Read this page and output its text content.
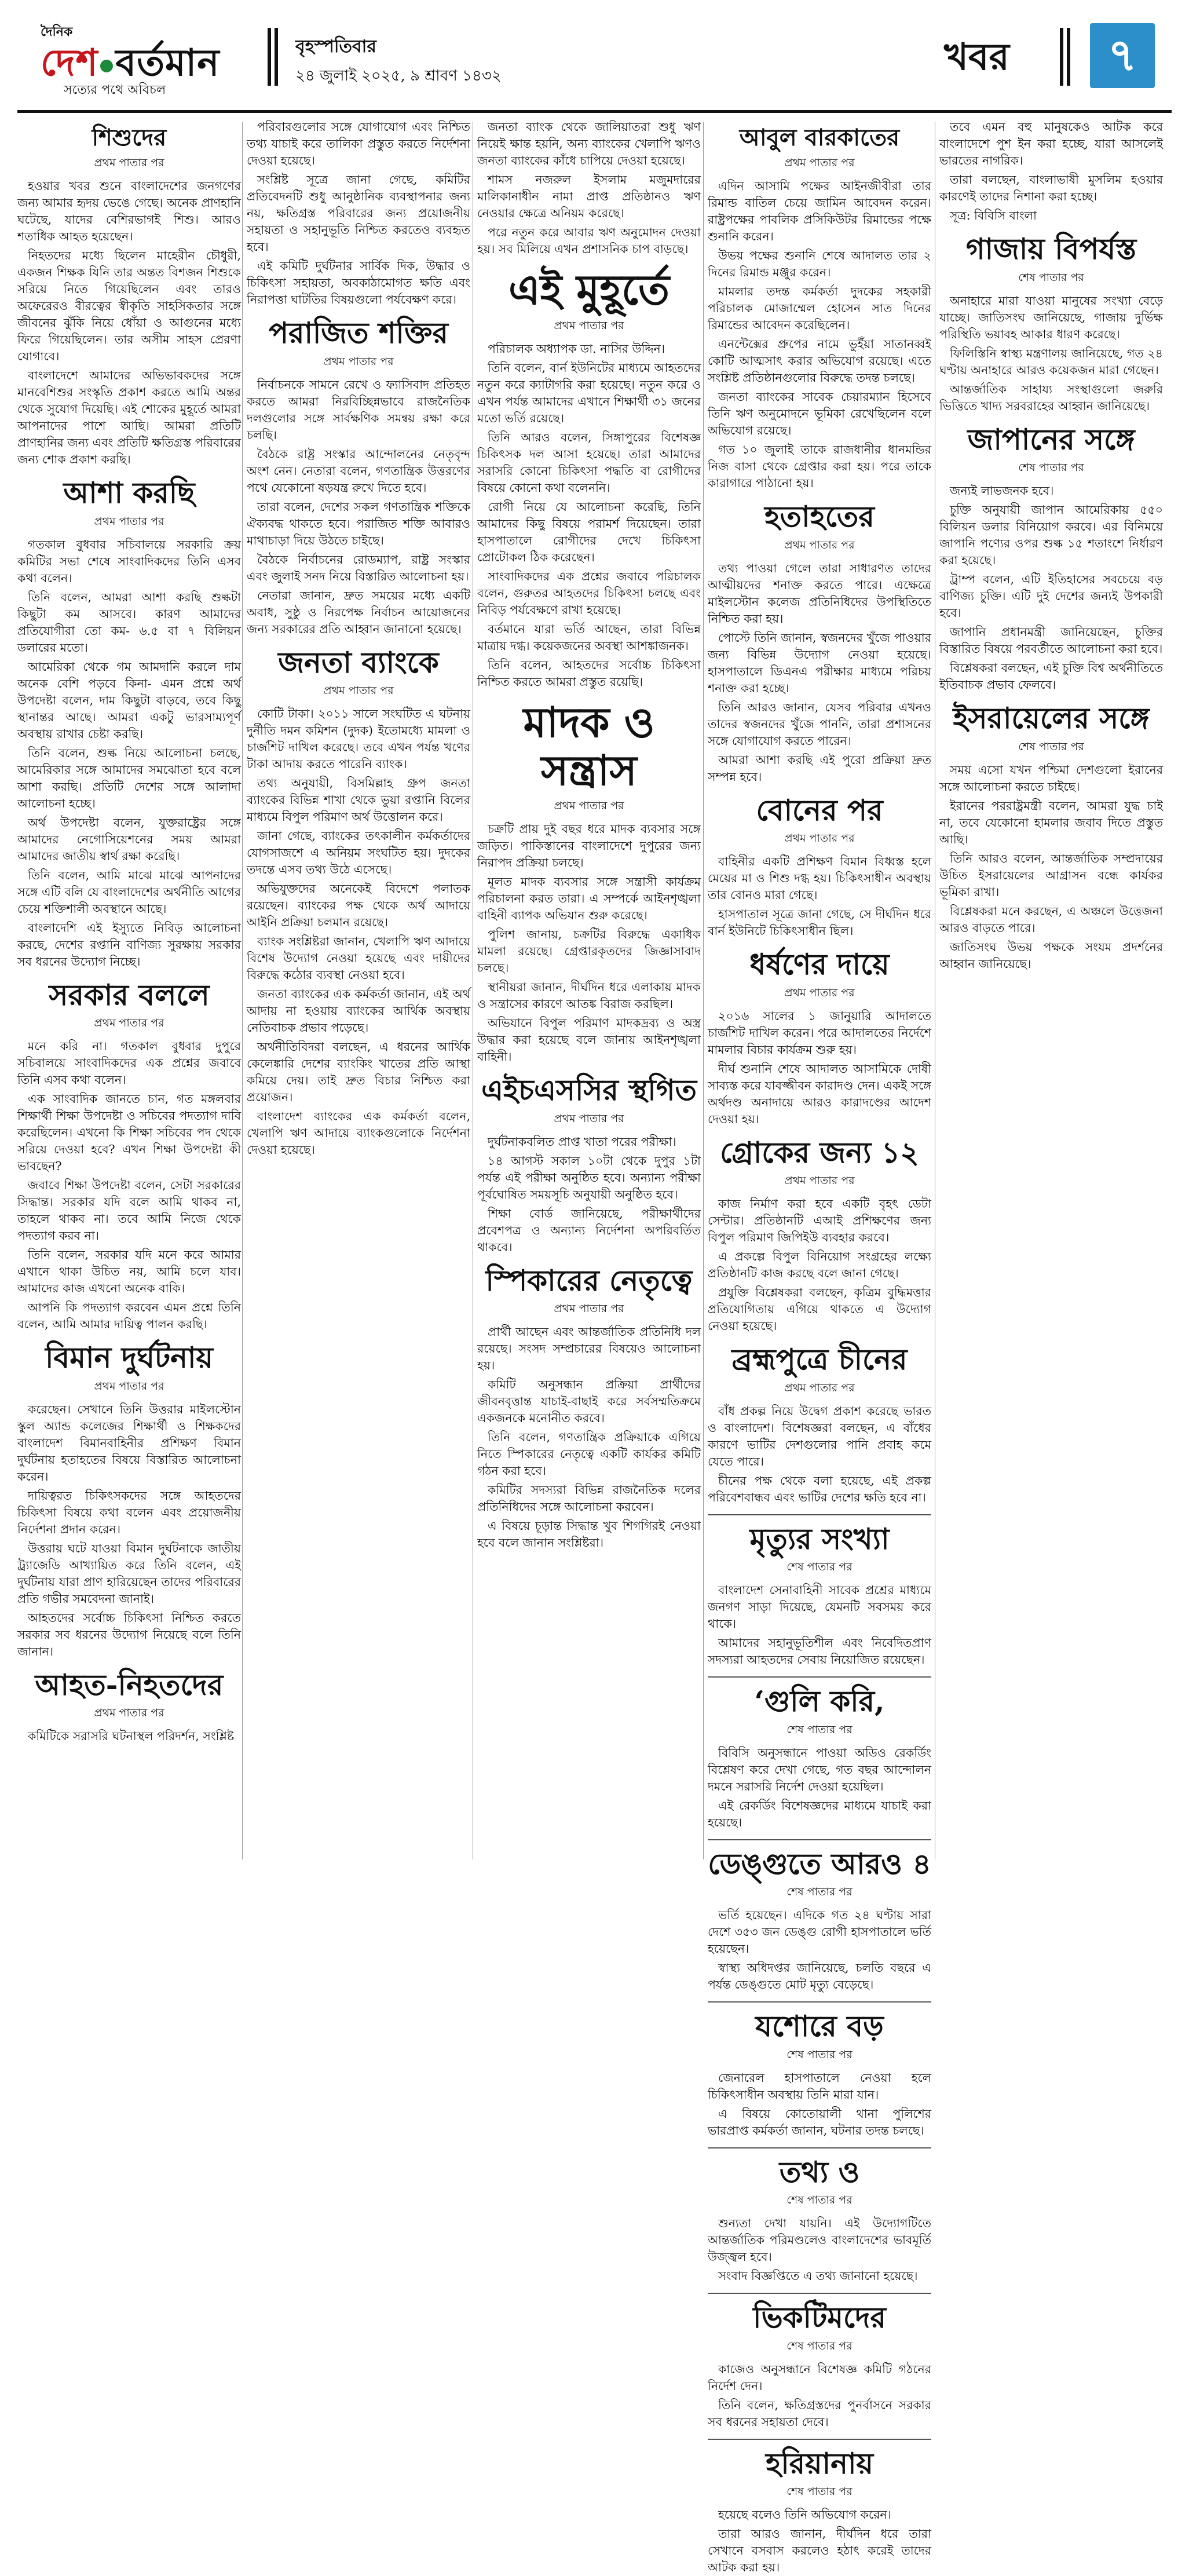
দৈনিক
দেশ বর্তমান
সত্যের পথে অবিচল
বৃহস্পতিবার
২৪ জুলাই ২০২৫, ৯ শ্রাবণ ১৪৩২	খবর	৭
শিশুদের
প্রথম পাতার পর

হওয়ার খবর শুনে বাংলাদেশের জনগণের জন্য আমার হৃদয় ভেঙে গেছে। অনেক প্রাণহানি ঘটেছে, যাদের বেশিরভাগই শিশু। আরও শতাধিক আহত হয়েছেন।

নিহতদের মধ্যে ছিলেন মাহেরীন চৌধুরী, একজন শিক্ষক যিনি তার অন্তত বিশজন শিশুকে সরিয়ে নিতে গিয়েছিলেন এবং তারও অফেরেরও বীরত্বের স্বীকৃতি সাহসিকতার সঙ্গে জীবনের ঝুঁকি নিয়ে ধোঁয়া ও আগুনের মধ্যে ফিরে গিয়েছিলেন। তার অসীম সাহস প্রেরণা যোগাবে।

বাংলাদেশে আমাদের অভিভাবকদের সঙ্গে মানবেশিশুর সংস্কৃতি প্রকাশ করতে আমি অন্তর থেকে সুযোগ দিয়েছি। এই শোকের মুহূর্তে আমরা আপনাদের পাশে আছি। আমরা প্রতিটি প্রাণহানির জন্য এবং প্রতিটি ক্ষতিগ্রস্ত পরিবারের জন্য শোক প্রকাশ করছি।

আশা করছি
প্রথম পাতার পর

গতকাল বুধবার সচিবালয়ে সরকারি ক্রয় কমিটির সভা শেষে সাংবাদিকদের তিনি এসব কথা বলেন।

তিনি বলেন, আমরা আশা করছি শুল্কটা কিছুটা কম আসবে। কারণ আমাদের প্রতিযোগীরা তো কম- ৬.৫ বা ৭ বিলিয়ন ডলারের মতো।

আমেরিকা থেকে গম আমদানি করলে দাম অনেক বেশি পড়বে কিনা- এমন প্রশ্নে অর্থ উপদেষ্টা বলেন, দাম কিছুটা বাড়বে, তবে কিছু স্থানান্তর আছে। আমরা একটু ভারসাম্যপূর্ণ অবস্থায় রাখার চেষ্টা করছি।

তিনি বলেন, শুল্ক নিয়ে আলোচনা চলছে, আমেরিকার সঙ্গে আমাদের সমঝোতা হবে বলে আশা করছি। প্রতিটি দেশের সঙ্গে আলাদা আলোচনা হচ্ছে।

অর্থ উপদেষ্টা বলেন, যুক্তরাষ্ট্রের সঙ্গে আমাদের নেগোসিয়েশনের সময় আমরা আমাদের জাতীয় স্বার্থ রক্ষা করেছি।

তিনি বলেন, আমি মাঝে মাঝে আপনাদের সঙ্গে এটি বলি যে বাংলাদেশের অর্থনীতি আগের চেয়ে শক্তিশালী অবস্থানে আছে।

বাংলাদেশি এই ইস্যুতে নিবিড় আলোচনা করছে, দেশের রপ্তানি বাণিজ্য সুরক্ষায় সরকার সব ধরনের উদ্যোগ নিচ্ছে।

সরকার বললে
প্রথম পাতার পর

মনে করি না। গতকাল বুধবার দুপুরে সচিবালয়ে সাংবাদিকদের এক প্রশ্নের জবাবে তিনি এসব কথা বলেন।

এক সাংবাদিক জানতে চান, গত মঙ্গলবার শিক্ষার্থী শিক্ষা উপদেষ্টা ও সচিবের পদত্যাগ দাবি করেছিলেন। এখনো কি শিক্ষা সচিবের পদ থেকে সরিয়ে দেওয়া হবে? এখন শিক্ষা উপদেষ্টা কী ভাবছেন?

জবাবে শিক্ষা উপদেষ্টা বলেন, সেটা সরকারের সিদ্ধান্ত। সরকার যদি বলে আমি থাকব না, তাহলে থাকব না। তবে আমি নিজে থেকে পদত্যাগ করব না।

তিনি বলেন, সরকার যদি মনে করে আমার এখানে থাকা উচিত নয়, আমি চলে যাব। আমাদের কাজ এখনো অনেক বাকি।

আপনি কি পদত্যাগ করবেন এমন প্রশ্নে তিনি বলেন, আমি আমার দায়িত্ব পালন করছি।

বিমান দুর্ঘটনায়
প্রথম পাতার পর

করেছেন। সেখানে তিনি উত্তরার মাইলস্টোন স্কুল অ্যান্ড কলেজের শিক্ষার্থী ও শিক্ষকদের বাংলাদেশ বিমানবাহিনীর প্রশিক্ষণ বিমান দুর্ঘটনায় হতাহতের বিষয়ে বিস্তারিত আলোচনা করেন।

দায়িত্বরত চিকিৎসকদের সঙ্গে আহতদের চিকিৎসা বিষয়ে কথা বলেন এবং প্রয়োজনীয় নির্দেশনা প্রদান করেন।

উত্তরায় ঘটে যাওয়া বিমান দুর্ঘটনাকে জাতীয় ট্র্যাজেডি আখ্যায়িত করে তিনি বলেন, এই দুর্ঘটনায় যারা প্রাণ হারিয়েছেন তাদের পরিবারের প্রতি গভীর সমবেদনা জানাই।

আহতদের সর্বোচ্চ চিকিৎসা নিশ্চিত করতে সরকার সব ধরনের উদ্যোগ নিয়েছে বলে তিনি জানান।

আহত-নিহতদের
প্রথম পাতার পর

কমিটিকে সরাসরি ঘটনাস্থল পরিদর্শন, সংশ্লিষ্ট

পরিবারগুলোর সঙ্গে যোগাযোগ এবং নিশ্চিত তথ্য যাচাই করে তালিকা প্রস্তুত করতে নির্দেশনা দেওয়া হয়েছে।

সংশ্লিষ্ট সূত্রে জানা গেছে, কমিটির প্রতিবেদনটি শুধু আনুষ্ঠানিক ব্যবস্থাপনার জন্য নয়, ক্ষতিগ্রস্ত পরিবারের জন্য প্রয়োজনীয় সহায়তা ও সহানুভূতি নিশ্চিত করতেও ব্যবহৃত হবে।

এই কমিটি দুর্ঘটনার সার্বিক দিক, উদ্ধার ও চিকিৎসা সহায়তা, অবকাঠামোগত ক্ষতি এবং নিরাপত্তা ঘাটতির বিষয়গুলো পর্যবেক্ষণ করে।

পরাজিত শক্তির
প্রথম পাতার পর

নির্বাচনকে সামনে রেখে ও ফ্যাসিবাদ প্রতিহত করতে আমরা নিরবিচ্ছিন্নভাবে রাজনৈতিক দলগুলোর সঙ্গে সার্বক্ষণিক সমন্বয় রক্ষা করে চলছি।

বৈঠকে রাষ্ট্র সংস্কার আন্দোলনের নেতৃবৃন্দ অংশ নেন। নেতারা বলেন, গণতান্ত্রিক উত্তরণের পথে যেকোনো ষড়যন্ত্র রুখে দিতে হবে।

তারা বলেন, দেশের সকল গণতান্ত্রিক শক্তিকে ঐক্যবদ্ধ থাকতে হবে। পরাজিত শক্তি আবারও মাথাচাড়া দিয়ে উঠতে চাইছে।

বৈঠকে নির্বাচনের রোডম্যাপ, রাষ্ট্র সংস্কার এবং জুলাই সনদ নিয়ে বিস্তারিত আলোচনা হয়।

নেতারা জানান, দ্রুত সময়ের মধ্যে একটি অবাধ, সুষ্ঠু ও নিরপেক্ষ নির্বাচন আয়োজনের জন্য সরকারের প্রতি আহ্বান জানানো হয়েছে।

জনতা ব্যাংকে
প্রথম পাতার পর

কোটি টাকা। ২০১১ সালে সংঘটিত এ ঘটনায় দুর্নীতি দমন কমিশন (দুদক) ইতোমধ্যে মামলা ও চার্জশিট দাখিল করেছে। তবে এখন পর্যন্ত খণের টাকা আদায় করতে পারেনি ব্যাংক।

তথ্য অনুযায়ী, বিসমিল্লাহ গ্রুপ জনতা ব্যাংকের বিভিন্ন শাখা থেকে ভুয়া রপ্তানি বিলের মাধ্যমে বিপুল পরিমাণ অর্থ উত্তোলন করে।

জানা গেছে, ব্যাংকের তৎকালীন কর্মকর্তাদের যোগসাজশে এ অনিয়ম সংঘটিত হয়। দুদকের তদন্তে এসব তথ্য উঠে এসেছে।

অভিযুক্তদের অনেকেই বিদেশে পলাতক রয়েছেন। ব্যাংকের পক্ষ থেকে অর্থ আদায়ে আইনি প্রক্রিয়া চলমান রয়েছে।

ব্যাংক সংশ্লিষ্টরা জানান, খেলাপি ঋণ আদায়ে বিশেষ উদ্যোগ নেওয়া হয়েছে এবং দায়ীদের বিরুদ্ধে কঠোর ব্যবস্থা নেওয়া হবে।

জনতা ব্যাংকের এক কর্মকর্তা জানান, এই অর্থ আদায় না হওয়ায় ব্যাংকের আর্থিক অবস্থায় নেতিবাচক প্রভাব পড়েছে।

অর্থনীতিবিদরা বলছেন, এ ধরনের আর্থিক কেলেঙ্কারি দেশের ব্যাংকিং খাতের প্রতি আস্থা কমিয়ে দেয়। তাই দ্রুত বিচার নিশ্চিত করা প্রয়োজন।

বাংলাদেশ ব্যাংকের এক কর্মকর্তা বলেন, খেলাপি ঋণ আদায়ে ব্যাংকগুলোকে নির্দেশনা দেওয়া হয়েছে।

জনতা ব্যাংক থেকে জালিয়াতরা শুধু ঋণ নিয়েই ক্ষান্ত হয়নি, অন্য ব্যাংকের খেলাপি ঋণও জনতা ব্যাংকের কাঁধে চাপিয়ে দেওয়া হয়েছে।

শামস নজরুল ইসলাম মজুমদারের মালিকানাধীন নামা প্রাপ্ত প্রতিষ্ঠানও ঋণ নেওয়ার ক্ষেত্রে অনিয়ম করেছে।

পরে নতুন করে আবার ঋণ অনুমোদন দেওয়া হয়। সব মিলিয়ে এখন প্রশাসনিক চাপ বাড়ছে।

এই মুহূর্তে
প্রথম পাতার পর

পরিচালক অধ্যাপক ডা. নাসির উদ্দিন।

তিনি বলেন, বার্ন ইউনিটের মাধ্যমে আহতদের নতুন করে ক্যাটাগরি করা হয়েছে। নতুন করে ও এখন পর্যন্ত আমাদের এখানে শিক্ষার্থী ৩১ জনের মতো ভর্তি রয়েছে।

তিনি আরও বলেন, সিঙ্গাপুরের বিশেষজ্ঞ চিকিৎসক দল আসা হয়েছে। তারা আমাদের সরাসরি কোনো চিকিৎসা পদ্ধতি বা রোগীদের বিষয়ে কোনো কথা বলেননি।

রোগী নিয়ে যে আলোচনা করেছি, তিনি আমাদের কিছু বিষয়ে পরামর্শ দিয়েছেন। তারা হাসপাতালে রোগীদের দেখে চিকিৎসা প্রোটোকল ঠিক করেছেন।

সাংবাদিকদের এক প্রশ্নের জবাবে পরিচালক বলেন, গুরুতর আহতদের চিকিৎসা চলছে এবং নিবিড় পর্যবেক্ষণে রাখা হয়েছে।

বর্তমানে যারা ভর্তি আছেন, তারা বিভিন্ন মাত্রায় দগ্ধ। কয়েকজনের অবস্থা আশঙ্কাজনক।

তিনি বলেন, আহতদের সর্বোচ্চ চিকিৎসা নিশ্চিত করতে আমরা প্রস্তুত রয়েছি।

মাদক ও সন্ত্রাস
প্রথম পাতার পর

চক্রটি প্রায় দুই বছর ধরে মাদক ব্যবসার সঙ্গে জড়িত। পাকিস্তানের বাংলাদেশে দুপুরের জন্য নিরাপদ প্রক্রিয়া চলছে।

মূলত মাদক ব্যবসার সঙ্গে সন্ত্রাসী কার্যক্রম পরিচালনা করত তারা। এ সম্পর্কে আইনশৃঙ্খলা বাহিনী ব্যাপক অভিযান শুরু করেছে।

পুলিশ জানায়, চক্রটির বিরুদ্ধে একাধিক মামলা রয়েছে। গ্রেপ্তারকৃতদের জিজ্ঞাসাবাদ চলছে।

স্থানীয়রা জানান, দীর্ঘদিন ধরে এলাকায় মাদক ও সন্ত্রাসের কারণে আতঙ্ক বিরাজ করছিল।

অভিযানে বিপুল পরিমাণ মাদকদ্রব্য ও অস্ত্র উদ্ধার করা হয়েছে বলে জানায় আইনশৃঙ্খলা বাহিনী।

এইচএসসির স্থগিত
প্রথম পাতার পর

দুর্ঘটনাকবলিত প্রাপ্ত খাতা পরের পরীক্ষা।

১৪ আগস্ট সকাল ১০টা থেকে দুপুর ১টা পর্যন্ত এই পরীক্ষা অনুষ্ঠিত হবে। অন্যান্য পরীক্ষা পূর্বঘোষিত সময়সূচি অনুযায়ী অনুষ্ঠিত হবে।

শিক্ষা বোর্ড জানিয়েছে, পরীক্ষার্থীদের প্রবেশপত্র ও অন্যান্য নির্দেশনা অপরিবর্তিত থাকবে।

স্পিকারের নেতৃত্বে
প্রথম পাতার পর

প্রার্থী আছেন এবং আন্তর্জাতিক প্রতিনিধি দল রয়েছে। সংসদ সম্প্রচারের বিষয়েও আলোচনা হয়।

কমিটি অনুসন্ধান প্রক্রিয়া প্রার্থীদের জীবনবৃত্তান্ত যাচাই-বাছাই করে সর্বসম্মতিক্রমে একজনকে মনোনীত করবে।

তিনি বলেন, গণতান্ত্রিক প্রক্রিয়াকে এগিয়ে নিতে স্পিকারের নেতৃত্বে একটি কার্যকর কমিটি গঠন করা হবে।

কমিটির সদস্যরা বিভিন্ন রাজনৈতিক দলের প্রতিনিধিদের সঙ্গে আলোচনা করবেন।

এ বিষয়ে চূড়ান্ত সিদ্ধান্ত খুব শিগগিরই নেওয়া হবে বলে জানান সংশ্লিষ্টরা।

আবুল বারকাতের
প্রথম পাতার পর

এদিন আসামি পক্ষের আইনজীবীরা তার রিমান্ড বাতিল চেয়ে জামিন আবেদন করেন। রাষ্ট্রপক্ষের পাবলিক প্রসিকিউটর রিমান্ডের পক্ষে শুনানি করেন।

উভয় পক্ষের শুনানি শেষে আদালত তার ২ দিনের রিমান্ড মঞ্জুর করেন।

মামলার তদন্ত কর্মকর্তা দুদকের সহকারী পরিচালক মোজাম্মেল হোসেন সাত দিনের রিমান্ডের আবেদন করেছিলেন।

এনন্টেক্সের প্রুপের নামে ভুইঁয়া সাতানব্বই কোটি আত্মসাৎ করার অভিযোগ রয়েছে। এতে সংশ্লিষ্ট প্রতিষ্ঠানগুলোর বিরুদ্ধে তদন্ত চলছে।

জনতা ব্যাংকের সাবেক চেয়ারম্যান হিসেবে তিনি ঋণ অনুমোদনে ভূমিকা রেখেছিলেন বলে অভিযোগ রয়েছে।

গত ১০ জুলাই তাকে রাজধানীর ধানমন্ডির নিজ বাসা থেকে গ্রেপ্তার করা হয়। পরে তাকে কারাগারে পাঠানো হয়।

হতাহতের
প্রথম পাতার পর

তথ্য পাওয়া গেলে তারা সাধারণত তাদের আত্মীয়দের শনাক্ত করতে পারে। এক্ষেত্রে মাইলস্টোন কলেজ প্রতিনিধিদের উপস্থিতিতে নিশ্চিত করা হয়।

পোস্টে তিনি জানান, স্বজনদের খুঁজে পাওয়ার জন্য বিভিন্ন উদ্যোগ নেওয়া হয়েছে। হাসপাতালে ডিএনএ পরীক্ষার মাধ্যমে পরিচয় শনাক্ত করা হচ্ছে।

তিনি আরও জানান, যেসব পরিবার এখনও তাদের স্বজনদের খুঁজে পাননি, তারা প্রশাসনের সঙ্গে যোগাযোগ করতে পারেন।

আমরা আশা করছি এই পুরো প্রক্রিয়া দ্রুত সম্পন্ন হবে।

বোনের পর
প্রথম পাতার পর

বাহিনীর একটি প্রশিক্ষণ বিমান বিধ্বস্ত হলে মেয়ের মা ও শিশু দগ্ধ হয়। চিকিৎসাধীন অবস্থায় তার বোনও মারা গেছে।

হাসপাতাল সূত্রে জানা গেছে, সে দীর্ঘদিন ধরে বার্ন ইউনিটে চিকিৎসাধীন ছিল।

ধর্ষণের দায়ে
প্রথম পাতার পর

২০১৬ সালের ১ জানুয়ারি আদালতে চার্জশিট দাখিল করেন। পরে আদালতের নির্দেশে মামলার বিচার কার্যক্রম শুরু হয়।

দীর্ঘ শুনানি শেষে আদালত আসামিকে দোষী সাব্যস্ত করে যাবজ্জীবন কারাদণ্ড দেন। একই সঙ্গে অর্থদণ্ড অনাদায়ে আরও কারাদণ্ডের আদেশ দেওয়া হয়।

গ্রোকের জন্য ১২
প্রথম পাতার পর

কাজ নির্মাণ করা হবে একটি বৃহৎ ডেটা সেন্টার। প্রতিষ্ঠানটি এআই প্রশিক্ষণের জন্য বিপুল পরিমাণ জিপিইউ ব্যবহার করবে।

এ প্রকল্পে বিপুল বিনিয়োগ সংগ্রহের লক্ষ্যে প্রতিষ্ঠানটি কাজ করছে বলে জানা গেছে।

প্রযুক্তি বিশ্লেষকরা বলছেন, কৃত্রিম বুদ্ধিমত্তার প্রতিযোগিতায় এগিয়ে থাকতে এ উদ্যোগ নেওয়া হয়েছে।

ব্রহ্মপুত্রে চীনের
প্রথম পাতার পর

বাঁধ প্রকল্প নিয়ে উদ্বেগ প্রকাশ করেছে ভারত ও বাংলাদেশ। বিশেষজ্ঞরা বলছেন, এ বাঁধের কারণে ভাটির দেশগুলোর পানি প্রবাহ কমে যেতে পারে।

চীনের পক্ষ থেকে বলা হয়েছে, এই প্রকল্প পরিবেশবান্ধব এবং ভাটির দেশের ক্ষতি হবে না।

মৃত্যুর সংখ্যা
শেষ পাতার পর

বাংলাদেশ সেনাবাহিনী সাবেক প্রশ্রের মাধ্যমে জনগণ সাড়া দিয়েছে, যেমনটি সবসময় করে থাকে।

আমাদের সহানুভূতিশীল এবং নিবেদিতপ্রাণ সদস্যরা আহতদের সেবায় নিয়োজিত রয়েছেন।

‘গুলি করি,
শেষ পাতার পর

বিবিসি অনুসন্ধানে পাওয়া অডিও রেকর্ডিং বিশ্লেষণ করে দেখা গেছে, গত বছর আন্দোলন দমনে সরাসরি নির্দেশ দেওয়া হয়েছিল।

এই রেকর্ডিং বিশেষজ্ঞদের মাধ্যমে যাচাই করা হয়েছে।

ডেঙ্গুতে আরও ৪
শেষ পাতার পর

ভর্তি হয়েছেন। এদিকে গত ২৪ ঘণ্টায় সারা দেশে ৩৫৩ জন ডেঙ্গু রোগী হাসপাতালে ভর্তি হয়েছেন।

স্বাস্থ্য অধিদপ্তর জানিয়েছে, চলতি বছরে এ পর্যন্ত ডেঙ্গুতে মোট মৃত্যু বেড়েছে।

যশোরে বড়
শেষ পাতার পর

জেনারেল হাসপাতালে নেওয়া হলে চিকিৎসাধীন অবস্থায় তিনি মারা যান।

এ বিষয়ে কোতোয়ালী থানা পুলিশের ভারপ্রাপ্ত কর্মকর্তা জানান, ঘটনার তদন্ত চলছে।

তথ্য ও
শেষ পাতার পর

শুন্যতা দেখা যায়নি। এই উদ্যোগটিতে আন্তর্জাতিক পরিমণ্ডলেও বাংলাদেশের ভাবমূর্তি উজ্জ্বল হবে।

সংবাদ বিজ্ঞপ্তিতে এ তথ্য জানানো হয়েছে।

ভিকটিমদের
শেষ পাতার পর

কাজেও অনুসন্ধানে বিশেষজ্ঞ কমিটি গঠনের নির্দেশ দেন।

তিনি বলেন, ক্ষতিগ্রস্তদের পুনর্বাসনে সরকার সব ধরনের সহায়তা দেবে।

হরিয়ানায়
শেষ পাতার পর

হয়েছে বলেও তিনি অভিযোগ করেন।

তারা আরও জানান, দীর্ঘদিন ধরে তারা সেখানে বসবাস করলেও হঠাৎ করেই তাদের আটক করা হয়।

তবে এমন বহু মানুষকেও আটক করে বাংলাদেশে পুশ ইন করা হচ্ছে, যারা আসলেই ভারতের নাগরিক।

তারা বলছেন, বাংলাভাষী মুসলিম হওয়ার কারণেই তাদের নিশানা করা হচ্ছে।

সূত্র: বিবিসি বাংলা

গাজায় বিপর্যস্ত
শেষ পাতার পর

অনাহারে মারা যাওয়া মানুষের সংখ্যা বেড়ে যাচ্ছে। জাতিসংঘ জানিয়েছে, গাজায় দুর্ভিক্ষ পরিস্থিতি ভয়াবহ আকার ধারণ করেছে।

ফিলিস্তিনি স্বাস্থ্য মন্ত্রণালয় জানিয়েছে, গত ২৪ ঘণ্টায় অনাহারে আরও কয়েকজন মারা গেছেন।

আন্তর্জাতিক সাহায্য সংস্থাগুলো জরুরি ভিত্তিতে খাদ্য সরবরাহের আহ্বান জানিয়েছে।

জাপানের সঙ্গে
শেষ পাতার পর

জন্যই লাভজনক হবে।

চুক্তি অনুযায়ী জাপান আমেরিকায় ৫৫০ বিলিয়ন ডলার বিনিয়োগ করবে। এর বিনিময়ে জাপানি পণ্যের ওপর শুল্ক ১৫ শতাংশে নির্ধারণ করা হয়েছে।

ট্রাম্প বলেন, এটি ইতিহাসের সবচেয়ে বড় বাণিজ্য চুক্তি। এটি দুই দেশের জন্যই উপকারী হবে।

জাপানি প্রধানমন্ত্রী জানিয়েছেন, চুক্তির বিস্তারিত বিষয়ে পরবর্তীতে আলোচনা করা হবে।

বিশ্লেষকরা বলছেন, এই চুক্তি বিশ্ব অর্থনীতিতে ইতিবাচক প্রভাব ফেলবে।

ইসরায়েলের সঙ্গে
শেষ পাতার পর

সময় এসো যখন পশ্চিমা দেশগুলো ইরানের সঙ্গে আলোচনা করতে চাইছে।

ইরানের পররাষ্ট্রমন্ত্রী বলেন, আমরা যুদ্ধ চাই না, তবে যেকোনো হামলার জবাব দিতে প্রস্তুত আছি।

তিনি আরও বলেন, আন্তর্জাতিক সম্প্রদায়ের উচিত ইসরায়েলের আগ্রাসন বন্ধে কার্যকর ভূমিকা রাখা।

বিশ্লেষকরা মনে করছেন, এ অঞ্চলে উত্তেজনা আরও বাড়তে পারে।

জাতিসংঘ উভয় পক্ষকে সংযম প্রদর্শনের আহ্বান জানিয়েছে।
